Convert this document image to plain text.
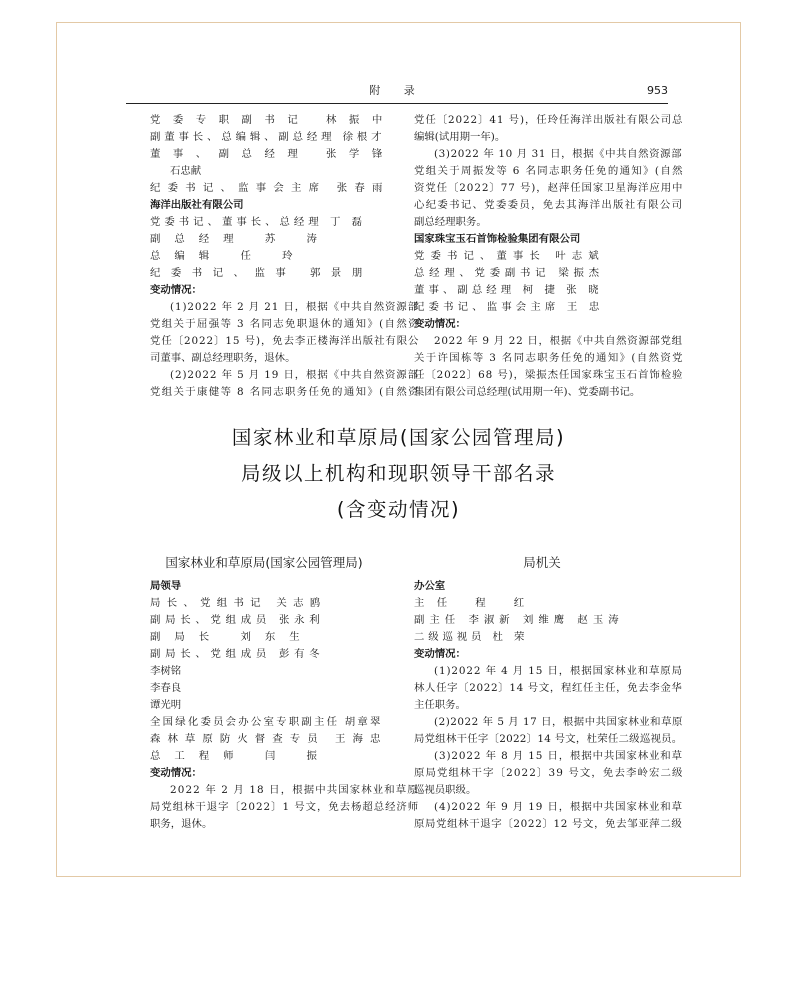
附 录	953
党委专职副书记 林振中
副董事长、总编辑、副总经理 徐根才
董事、副总经理 张学锋
石忠献
纪委书记、监事会主席 张春雨
海洋出版社有限公司
党委书记、董事长、总经理 丁 磊
副总经理 苏 涛
总编辑 任 玲
纪委书记、监事 郭景朋
变动情况：
(1)2022 年 2 月 21 日，根据《中共自然资源部
党组关于屈强等 3 名同志免职退休的通知》(自然资
党任〔2022〕15 号)，免去李正楼海洋出版社有限公
司董事、副总经理职务，退休。
(2)2022 年 5 月 19 日，根据《中共自然资源部
党组关于康健等 8 名同志职务任免的通知》(自然资
党任〔2022〕41 号)，任玲任海洋出版社有限公司总
编辑(试用期一年)。
(3)2022 年 10 月 31 日，根据《中共自然资源部
党组关于周振发等 6 名同志职务任免的通知》(自然
资党任〔2022〕77 号)，赵萍任国家卫星海洋应用中
心纪委书记、党委委员，免去其海洋出版社有限公司
副总经理职务。
国家珠宝玉石首饰检验集团有限公司
党委书记、董事长 叶志斌
总经理、党委副书记 梁振杰
董事、副总经理 柯 捷 张 晓
纪委书记、监事会主席 王 忠
变动情况：
2022 年 9 月 22 日，根据《中共自然资源部党组
关于许国栋等 3 名同志职务任免的通知》(自然资党
任〔2022〕68 号)，梁振杰任国家珠宝玉石首饰检验
集团有限公司总经理(试用期一年)、党委副书记。
国家林业和草原局(国家公园管理局)
局级以上机构和现职领导干部名录
(含变动情况)
国家林业和草原局(国家公园管理局)	局机关
局领导
局长、党组书记 关志鸥
副局长、党组成员 张永利
副局长 刘东生
副局长、党组成员 彭有冬
李树铭
李春良
谭光明
全国绿化委员会办公室专职副主任 胡章翠
森林草原防火督查专员 王海忠
总工程师 闫 振
变动情况：
2022 年 2 月 18 日，根据中共国家林业和草原
局党组林干退字〔2022〕1 号文，免去杨超总经济师
职务，退休。
办公室
主任 程 红
副主任 李淑新 刘维鹰 赵玉涛
二级巡视员 杜 荣
变动情况：
(1)2022 年 4 月 15 日，根据国家林业和草原局
林人任字〔2022〕14 号文，程红任主任，免去李金华
主任职务。
(2)2022 年 5 月 17 日，根据中共国家林业和草原
局党组林干任字〔2022〕14 号文，杜荣任二级巡视员。
(3)2022 年 8 月 15 日，根据中共国家林业和草
原局党组林干字〔2022〕39 号文，免去李岭宏二级
巡视员职级。
(4)2022 年 9 月 19 日，根据中共国家林业和草
原局党组林干退字〔2022〕12 号文，免去邹亚萍二级
